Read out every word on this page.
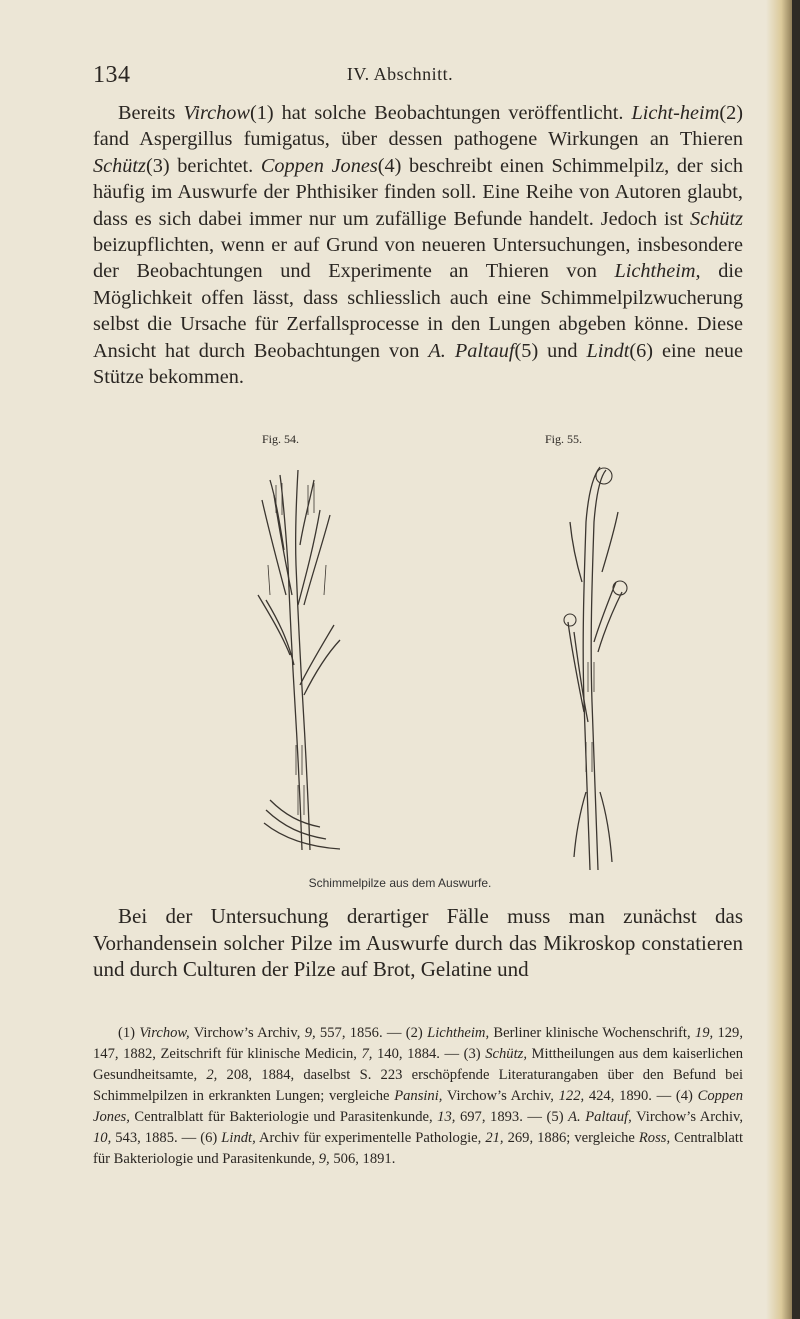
134	IV. Abschnitt.

Bereits Virchow(1) hat solche Beobachtungen veröffentlicht. Licht-heim(2) fand Aspergillus fumigatus, über dessen pathogene Wirkungen an Thieren Schütz(3) berichtet. Coppen Jones(4) beschreibt einen Schimmelpilz, der sich häufig im Auswurfe der Phthisiker finden soll. Eine Reihe von Autoren glaubt, dass es sich dabei immer nur um zufällige Befunde handelt. Jedoch ist Schütz beizupflichten, wenn er auf Grund von neueren Untersuchungen, insbesondere der Beobachtungen und Experimente an Thieren von Lichtheim, die Möglichkeit offen lässt, dass schliesslich auch eine Schimmelpilzwucherung selbst die Ursache für Zerfallsprocesse in den Lungen abgeben könne. Diese Ansicht hat durch Beobachtungen von A. Paltauf(5) und Lindt(6) eine neue Stütze bekommen.

Fig. 54.	Fig. 55.
Schimmelpilze aus dem Auswurfe.

Bei der Untersuchung derartiger Fälle muss man zunächst das Vorhandensein solcher Pilze im Auswurfe durch das Mikroskop constatieren und durch Culturen der Pilze auf Brot, Gelatine und

(1) Virchow, Virchow’s Archiv, 9, 557, 1856. — (2) Lichtheim, Berliner klinische Wochenschrift, 19, 129, 147, 1882, Zeitschrift für klinische Medicin, 7, 140, 1884. — (3) Schütz, Mittheilungen aus dem kaiserlichen Gesundheitsamte, 2, 208, 1884, daselbst S. 223 erschöpfende Literaturangaben über den Befund bei Schimmelpilzen in erkrankten Lungen; vergleiche Pansini, Virchow’s Archiv, 122, 424, 1890. — (4) Coppen Jones, Centralblatt für Bakteriologie und Parasitenkunde, 13, 697, 1893. — (5) A. Paltauf, Virchow’s Archiv, 10, 543, 1885. — (6) Lindt, Archiv für experimentelle Pathologie, 21, 269, 1886; vergleiche Ross, Centralblatt für Bakteriologie und Parasitenkunde, 9, 506, 1891.
